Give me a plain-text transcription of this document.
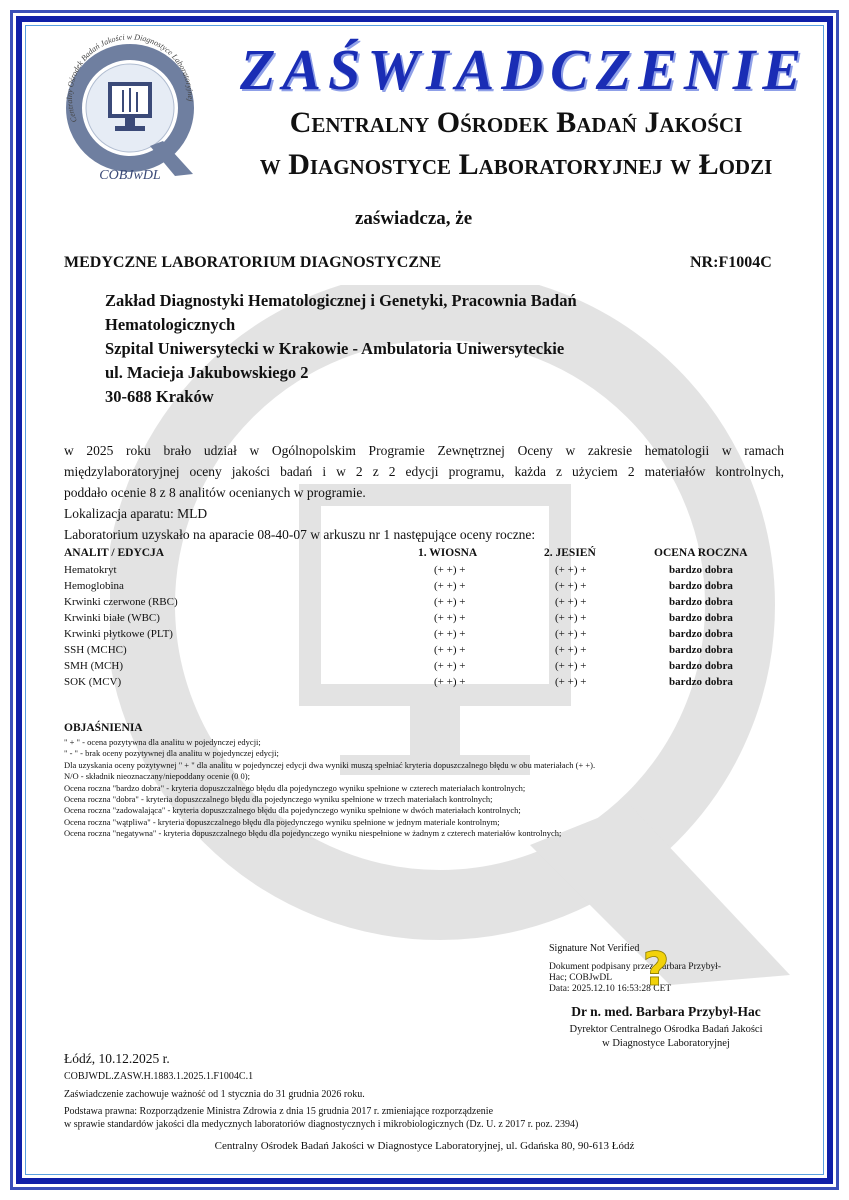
Centralny Ośrodek Badań Jakości w Diagnostyce Laboratoryjnej
COBJwDL
ZAŚWIADCZENIE
Centralny Ośrodek Badań Jakości
w Diagnostyce Laboratoryjnej w Łodzi
zaświadcza, że
MEDYCZNE LABORATORIUM DIAGNOSTYCZNE	NR:F1004C
Zakład Diagnostyki Hematologicznej i Genetyki, Pracownia Badań
Hematologicznych
Szpital Uniwersytecki w Krakowie - Ambulatoria Uniwersyteckie
ul. Macieja Jakubowskiego 2
30-688 Kraków
w 2025 roku brało udział w Ogólnopolskim Programie Zewnętrznej Oceny w zakresie hematologii w ramach
międzylaboratoryjnej oceny jakości badań i w 2 z 2 edycji programu, każda z użyciem 2 materiałów kontrolnych,
poddało ocenie 8 z 8 analitów ocenianych w programie.
Lokalizacja aparatu: MLD
Laboratorium uzyskało na aparacie 08-40-07 w arkuszu nr 1 następujące oceny roczne:
ANALIT / EDYCJA	1. WIOSNA	2. JESIEŃ	OCENA ROCZNA
Hematokryt	(+ +) +	(+ +) +	bardzo dobra
Hemoglobina	(+ +) +	(+ +) +	bardzo dobra
Krwinki czerwone (RBC)	(+ +) +	(+ +) +	bardzo dobra
Krwinki białe (WBC)	(+ +) +	(+ +) +	bardzo dobra
Krwinki płytkowe (PLT)	(+ +) +	(+ +) +	bardzo dobra
SSH (MCHC)	(+ +) +	(+ +) +	bardzo dobra
SMH (MCH)	(+ +) +	(+ +) +	bardzo dobra
SOK (MCV)	(+ +) +	(+ +) +	bardzo dobra
OBJAŚNIENIA
" + " - ocena pozytywna dla analitu w pojedynczej edycji;
" - " - brak oceny pozytywnej dla analitu w pojedynczej edycji;
Dla uzyskania oceny pozytywnej " + " dla analitu w pojedynczej edycji dwa wyniki muszą spełniać kryteria dopuszczalnego błędu w obu materiałach (+ +).
N/O - składnik nieoznaczany/niepoddany ocenie (0 0);
Ocena roczna "bardzo dobra" - kryteria dopuszczalnego błędu dla pojedynczego wyniku spełnione w czterech materiałach kontrolnych;
Ocena roczna "dobra" - kryteria dopuszczalnego błędu dla pojedynczego wyniku spełnione w trzech materiałach kontrolnych;
Ocena roczna "zadowalająca" - kryteria dopuszczalnego błędu dla pojedynczego wyniku spełnione w dwóch materiałach kontrolnych;
Ocena roczna "wątpliwa" - kryteria dopuszczalnego błędu dla pojedynczego wyniku spełnione w jednym materiale kontrolnym;
Ocena roczna "negatywna" - kryteria dopuszczalnego błędu dla pojedynczego wyniku niespełnione w żadnym z czterech materiałów kontrolnych;
Signature Not Verified
Dokument podpisany przez Barbara Przybył-
Hac; COBJwDL
Data: 2025.12.10 16:53:28 CET
?
Dr n. med. Barbara Przybył-Hac
Dyrektor Centralnego Ośrodka Badań Jakości
w Diagnostyce Laboratoryjnej
Łódź, 10.12.2025 r.
COBJWDL.ZASW.H.1883.1.2025.1.F1004C.1
Zaświadczenie zachowuje ważność od 1 stycznia do 31 grudnia 2026 roku.
Podstawa prawna: Rozporządzenie Ministra Zdrowia z dnia 15 grudnia 2017 r. zmieniające rozporządzenie
w sprawie standardów jakości dla medycznych laboratoriów diagnostycznych i mikrobiologicznych (Dz. U. z 2017 r. poz. 2394)
Centralny Ośrodek Badań Jakości w Diagnostyce Laboratoryjnej, ul. Gdańska 80, 90-613 Łódź
